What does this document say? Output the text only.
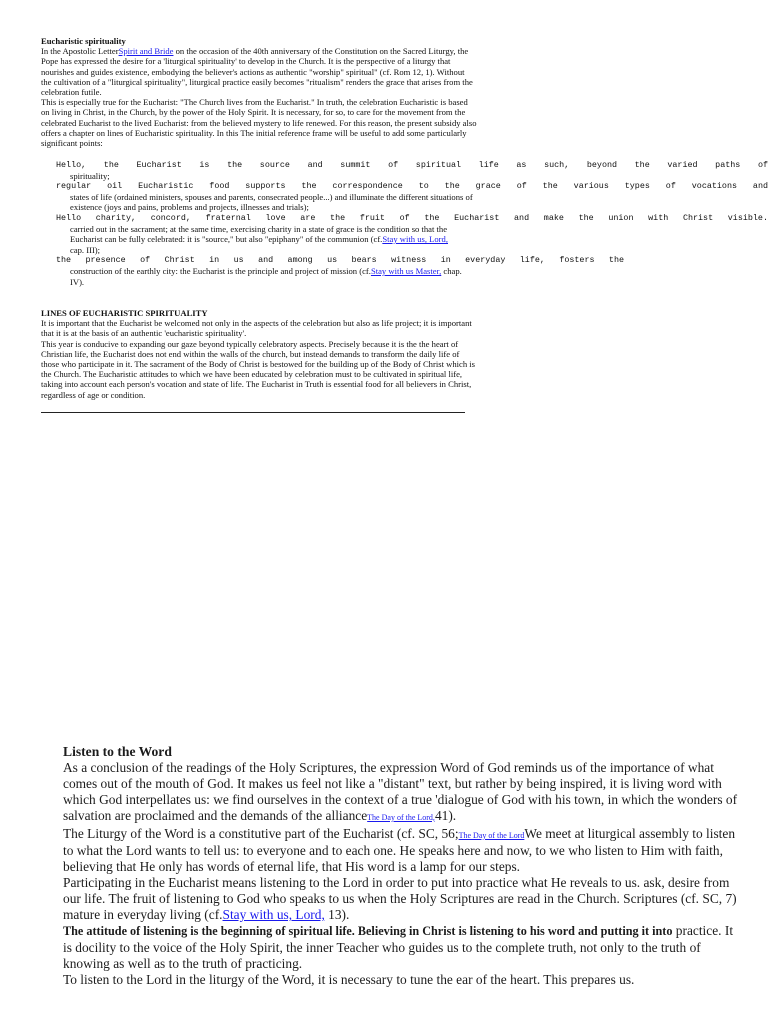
Eucharistic spirituality

In the Apostolic LetterSpirit and Bride on the occasion of the 40th anniversary of the Constitution on the Sacred Liturgy, the Pope has expressed the desire for a 'liturgical spirituality' to develop in the Church. It is the perspective of a liturgy that nourishes and guides existence, embodying the believer's actions as authentic "worship" spiritual" (cf. Rom 12, 1). Without the cultivation of a "liturgical spirituality", liturgical practice easily becomes "ritualism" renders the grace that arises from the celebration futile.

This is especially true for the Eucharist: "The Church lives from the Eucharist." In truth, the celebration Eucharistic is based on living in Christ, in the Church, by the power of the Holy Spirit. It is necessary, for so, to care for the movement from the celebrated Eucharist to the lived Eucharist: from the believed mystery to life renewed. For this reason, the present subsidy also offers a chapter on lines of Eucharistic spirituality. In this The initial reference frame will be useful to add some particularly significant points:

Hello, the Eucharist is the source and summit of spiritual life as such, beyond the varied paths of
spirituality;
regular oil Eucharistic food supports the correspondence to the grace of the various types of vocations and
states of life (ordained ministers, spouses and parents, consecrated people...) and illuminate the different situations of existence (joys and pains, problems and projects, illnesses and trials);
Hello charity, concord, fraternal love are the fruit of the Eucharist and make the union with Christ visible.
carried out in the sacrament; at the same time, exercising charity in a state of grace is the condition so that the Eucharist can be fully celebrated: it is "source," but also "epiphany" of the communion (cf.Stay with us, Lord, cap. III);
the presence of Christ in us and among us bears witness in everyday life, fosters the
construction of the earthly city: the Eucharist is the principle and project of mission (cf.Stay with us Master, chap. IV).
LINES OF EUCHARISTIC SPIRITUALITY

It is important that the Eucharist be welcomed not only in the aspects of the celebration but also as life project; it is important that it is at the basis of an authentic 'eucharistic spirituality'.

This year is conducive to expanding our gaze beyond typically celebratory aspects. Precisely because it is the the heart of Christian life, the Eucharist does not end within the walls of the church, but instead demands to transform the daily life of those who participate in it. The sacrament of the Body of Christ is bestowed for the building up of the Body of Christ which is the Church. The Eucharistic attitudes to which we have been educated by celebration must to be cultivated in spiritual life, taking into account each person's vocation and state of life. The Eucharist in Truth is essential food for all believers in Christ, regardless of age or condition.

Listen to the Word

As a conclusion of the readings of the Holy Scriptures, the expression Word of God reminds us of the importance of what comes out of the mouth of God. It makes us feel not like a "distant" text, but rather by being inspired, it is living word with which God interpellates us: we find ourselves in the context of a true 'dialogue of God with his town, in which the wonders of salvation are proclaimed and the demands of the allianceThe Day of the Lord,41).

The Liturgy of the Word is a constitutive part of the Eucharist (cf. SC, 56;The Day of the LordWe meet at liturgical assembly to listen to what the Lord wants to tell us: to everyone and to each one. He speaks here and now, to we who listen to Him with faith, believing that He only has words of eternal life, that His word is a lamp for our steps.

Participating in the Eucharist means listening to the Lord in order to put into practice what He reveals to us. ask, desire from our life. The fruit of listening to God who speaks to us when the Holy Scriptures are read in the Church. Scriptures (cf. SC, 7) mature in everyday living (cf.Stay with us, Lord, 13).

The attitude of listening is the beginning of spiritual life. Believing in Christ is listening to his word and putting it into practice. It is docility to the voice of the Holy Spirit, the inner Teacher who guides us to the complete truth, not only to the truth of knowing as well as to the truth of practicing.

To listen to the Lord in the liturgy of the Word, it is necessary to tune the ear of the heart. This prepares us.
